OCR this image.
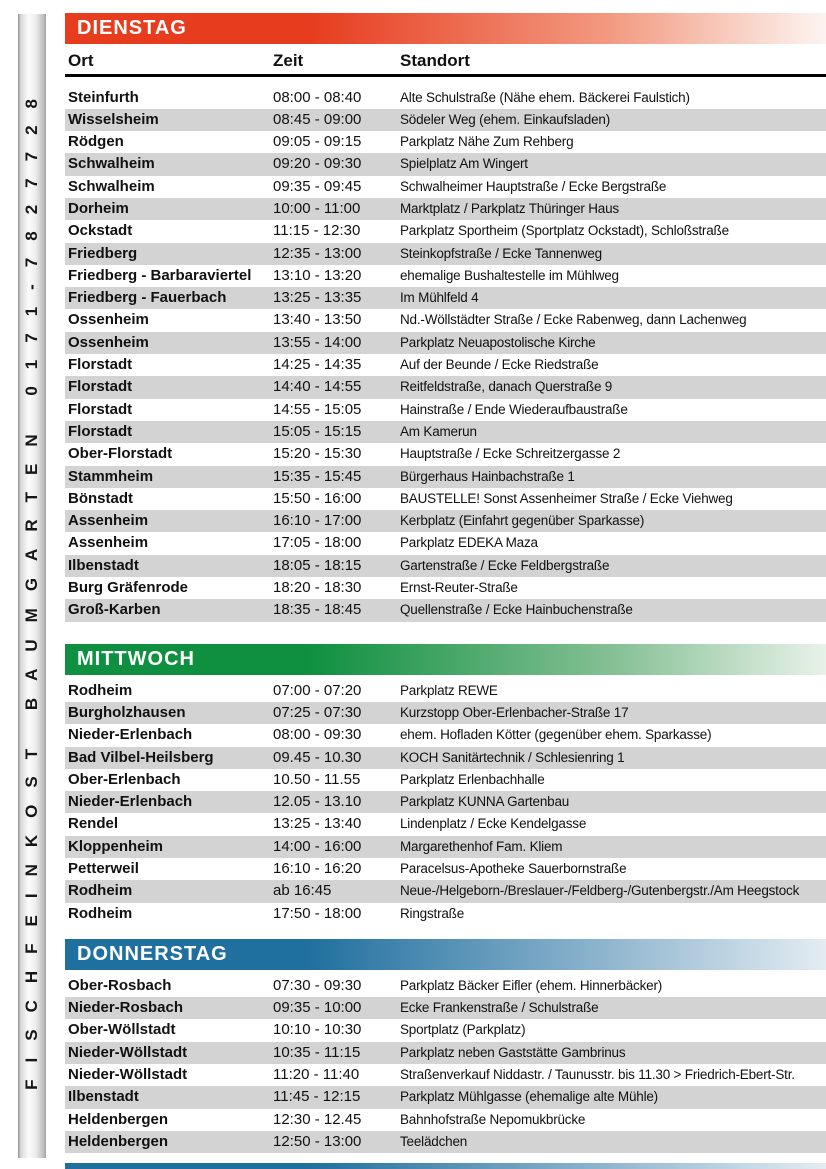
FISCHFEINKOST BAUMGARTEN 0171-7827728
DIENSTAG
Ort	Zeit	Standort
Steinfurth	08:00 - 08:40	Alte Schulstraße (Nähe ehem. Bäckerei Faulstich)
Wisselsheim	08:45 - 09:00	Södeler Weg (ehem. Einkaufsladen)
Rödgen	09:05 - 09:15	Parkplatz Nähe Zum Rehberg
Schwalheim	09:20 - 09:30	Spielplatz Am Wingert
Schwalheim	09:35 - 09:45	Schwalheimer Hauptstraße / Ecke Bergstraße
Dorheim	10:00 - 11:00	Marktplatz / Parkplatz Thüringer Haus
Ockstadt	11:15 - 12:30	Parkplatz Sportheim (Sportplatz Ockstadt), Schloßstraße
Friedberg	12:35 - 13:00	Steinkopfstraße / Ecke Tannenweg
Friedberg - Barbaraviertel	13:10 - 13:20	ehemalige Bushaltestelle im Mühlweg
Friedberg - Fauerbach	13:25 - 13:35	Im Mühlfeld 4
Ossenheim	13:40 - 13:50	Nd.-Wöllstädter Straße / Ecke Rabenweg, dann Lachenweg
Ossenheim	13:55 - 14:00	Parkplatz Neuapostolische Kirche
Florstadt	14:25 - 14:35	Auf der Beunde / Ecke Riedstraße
Florstadt	14:40 - 14:55	Reitfeldstraße, danach Querstraße 9
Florstadt	14:55 - 15:05	Hainstraße / Ende Wiederaufbaustraße
Florstadt	15:05 - 15:15	Am Kamerun
Ober-Florstadt	15:20 - 15:30	Hauptstraße / Ecke Schreitzergasse 2
Stammheim	15:35 - 15:45	Bürgerhaus Hainbachstraße 1
Bönstadt	15:50 - 16:00	BAUSTELLE! Sonst Assenheimer Straße / Ecke Viehweg
Assenheim	16:10 - 17:00	Kerbplatz (Einfahrt gegenüber Sparkasse)
Assenheim	17:05 - 18:00	Parkplatz EDEKA Maza
Ilbenstadt	18:05 - 18:15	Gartenstraße / Ecke Feldbergstraße
Burg Gräfenrode	18:20 - 18:30	Ernst-Reuter-Straße
Groß-Karben	18:35 - 18:45	Quellenstraße / Ecke Hainbuchenstraße
MITTWOCH
Rodheim	07:00 - 07:20	Parkplatz REWE
Burgholzhausen	07:25 - 07:30	Kurzstopp Ober-Erlenbacher-Straße 17
Nieder-Erlenbach	08:00 - 09:30	ehem. Hofladen Kötter (gegenüber ehem. Sparkasse)
Bad Vilbel-Heilsberg	09.45 - 10.30	KOCH Sanitärtechnik / Schlesienring 1
Ober-Erlenbach	10.50 - 11.55	Parkplatz Erlenbachhalle
Nieder-Erlenbach	12.05 - 13.10	Parkplatz KUNNA Gartenbau
Rendel	13:25 - 13:40	Lindenplatz / Ecke Kendelgasse
Kloppenheim	14:00 - 16:00	Margarethenhof Fam. Kliem
Petterweil	16:10 - 16:20	Paracelsus-Apotheke Sauerbornstraße
Rodheim	ab 16:45	Neue-/Helgeborn-/Breslauer-/Feldberg-/Gutenbergstr./Am Heegstock
Rodheim	17:50 - 18:00	Ringstraße
DONNERSTAG
Ober-Rosbach	07:30 - 09:30	Parkplatz Bäcker Eifler (ehem. Hinnerbäcker)
Nieder-Rosbach	09:35 - 10:00	Ecke Frankenstraße / Schulstraße
Ober-Wöllstadt	10:10 - 10:30	Sportplatz (Parkplatz)
Nieder-Wöllstadt	10:35 - 11:15	Parkplatz neben Gaststätte Gambrinus
Nieder-Wöllstadt	11:20 - 11:40	Straßenverkauf Niddastr. / Taunusstr. bis 11.30 > Friedrich-Ebert-Str.
Ilbenstadt	11:45 - 12:15	Parkplatz Mühlgasse (ehemalige alte Mühle)
Heldenbergen	12:30 - 12.45	Bahnhofstraße Nepomukbrücke
Heldenbergen	12:50 - 13:00	Teelädchen
